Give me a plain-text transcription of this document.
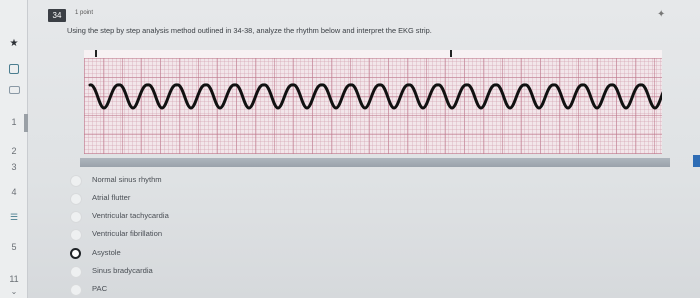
★
1
2
3
4
☰
5
11
⌄
34	1 point
Using the step by step analysis method outlined in 34-38, analyze the rhythm below and interpret the EKG strip.
✦
Normal sinus rhythm
Atrial flutter
Ventricular tachycardia
Ventricular fibrillation
Asystole
Sinus bradycardia
PAC
